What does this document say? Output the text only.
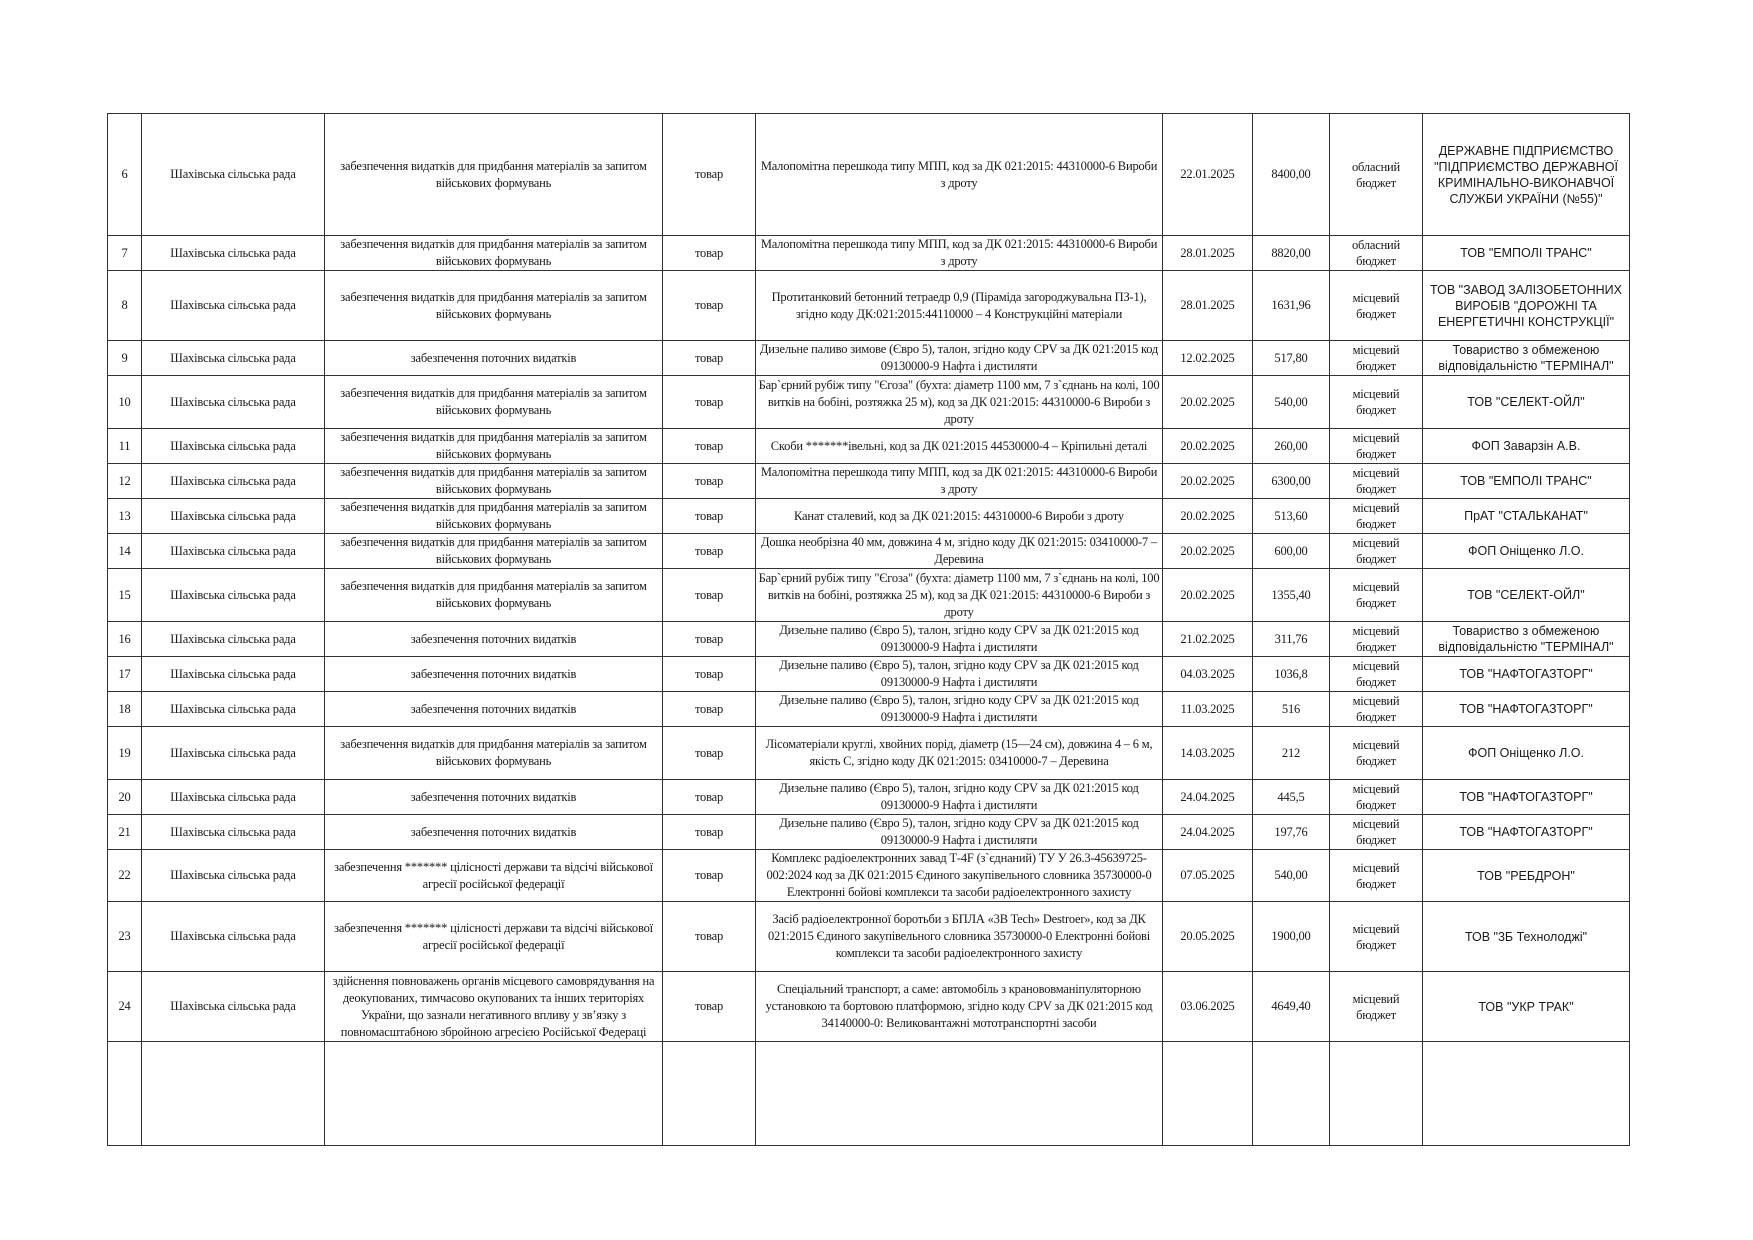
6	Шахівська сільська рада	забезпечення видатків для придбання матеріалів за запитом військових формувань	товар	Малопомітна перешкода типу МПП, код за ДК 021:2015: 44310000-6 Вироби з дроту	22.01.2025	8400,00	обласний бюджет	ДЕРЖАВНЕ ПІДПРИЄМСТВО "ПІДПРИЄМСТВО ДЕРЖАВНОЇ КРИМІНАЛЬНО-ВИКОНАВЧОЇ СЛУЖБИ УКРАЇНИ (№55)"
7	Шахівська сільська рада	забезпечення видатків для придбання матеріалів за запитом військових формувань	товар	Малопомітна перешкода типу МПП, код за ДК 021:2015: 44310000-6 Вироби з дроту	28.01.2025	8820,00	обласний бюджет	ТОВ "ЕМПОЛІ ТРАНС"
8	Шахівська сільська рада	забезпечення видатків для придбання матеріалів за запитом військових формувань	товар	Протитанковий бетонний тетраедр 0,9 (Піраміда загороджувальна ПЗ-1), згідно коду ДК:021:2015:44110000 – 4 Конструкційні матеріали	28.01.2025	1631,96	місцевий бюджет	ТОВ "ЗАВОД ЗАЛІЗОБЕТОННИХ ВИРОБІВ "ДОРОЖНІ ТА ЕНЕРГЕТИЧНІ КОНСТРУКЦІЇ"
9	Шахівська сільська рада	забезпечення поточних видатків	товар	Дизельне паливо зимове (Євро 5), талон, згідно коду CPV за ДК 021:2015 код 09130000-9 Нафта і дистиляти	12.02.2025	517,80	місцевий бюджет	Товариство з обмеженою відповідальністю "ТЕРМІНАЛ"
10	Шахівська сільська рада	забезпечення видатків для придбання матеріалів за запитом військових формувань	товар	Бар`єрний рубіж типу "Єгоза" (бухта: діаметр 1100 мм, 7 з`єднань на колі, 100 витків на бобіні, розтяжка 25 м), код за ДК 021:2015: 44310000-6 Вироби з дроту	20.02.2025	540,00	місцевий бюджет	ТОВ "СЕЛЕКТ-ОЙЛ"
11	Шахівська сільська рада	забезпечення видатків для придбання матеріалів за запитом військових формувань	товар	Скоби *******івельні, код за ДК 021:2015 44530000-4 – Кріпильні деталі	20.02.2025	260,00	місцевий бюджет	ФОП Заварзін А.В.
12	Шахівська сільська рада	забезпечення видатків для придбання матеріалів за запитом військових формувань	товар	Малопомітна перешкода типу МПП, код за ДК 021:2015: 44310000-6 Вироби з дроту	20.02.2025	6300,00	місцевий бюджет	ТОВ "ЕМПОЛІ ТРАНС"
13	Шахівська сільська рада	забезпечення видатків для придбання матеріалів за запитом військових формувань	товар	Канат сталевий, код за ДК 021:2015: 44310000-6 Вироби з дроту	20.02.2025	513,60	місцевий бюджет	ПрАТ "СТАЛЬКАНАТ"
14	Шахівська сільська рада	забезпечення видатків для придбання матеріалів за запитом військових формувань	товар	Дошка необрізна 40 мм, довжина 4 м, згідно коду ДК 021:2015: 03410000-7 – Деревина	20.02.2025	600,00	місцевий бюджет	ФОП Оніщенко Л.О.
15	Шахівська сільська рада	забезпечення видатків для придбання матеріалів за запитом військових формувань	товар	Бар`єрний рубіж типу "Єгоза" (бухта: діаметр 1100 мм, 7 з`єднань на колі, 100 витків на бобіні, розтяжка 25 м), код за ДК 021:2015: 44310000-6 Вироби з дроту	20.02.2025	1355,40	місцевий бюджет	ТОВ "СЕЛЕКТ-ОЙЛ"
16	Шахівська сільська рада	забезпечення поточних видатків	товар	Дизельне паливо (Євро 5), талон, згідно коду CPV за ДК 021:2015 код 09130000-9 Нафта і дистиляти	21.02.2025	311,76	місцевий бюджет	Товариство з обмеженою відповідальністю "ТЕРМІНАЛ"
17	Шахівська сільська рада	забезпечення поточних видатків	товар	Дизельне паливо (Євро 5), талон, згідно коду CPV за ДК 021:2015 код 09130000-9 Нафта і дистиляти	04.03.2025	1036,8	місцевий бюджет	ТОВ "НАФТОГАЗТОРГ"
18	Шахівська сільська рада	забезпечення поточних видатків	товар	Дизельне паливо (Євро 5), талон, згідно коду CPV за ДК 021:2015 код 09130000-9 Нафта і дистиляти	11.03.2025	516	місцевий бюджет	ТОВ "НАФТОГАЗТОРГ"
19	Шахівська сільська рада	забезпечення видатків для придбання матеріалів за запитом військових формувань	товар	Лісоматеріали круглі, хвойних порід, діаметр (15—24 см), довжина 4 – 6 м, якість С, згідно коду ДК 021:2015: 03410000-7 – Деревина	14.03.2025	212	місцевий бюджет	ФОП Оніщенко Л.О.
20	Шахівська сільська рада	забезпечення поточних видатків	товар	Дизельне паливо (Євро 5), талон, згідно коду CPV за ДК 021:2015 код 09130000-9 Нафта і дистиляти	24.04.2025	445,5	місцевий бюджет	ТОВ "НАФТОГАЗТОРГ"
21	Шахівська сільська рада	забезпечення поточних видатків	товар	Дизельне паливо (Євро 5), талон, згідно коду CPV за ДК 021:2015 код 09130000-9 Нафта і дистиляти	24.04.2025	197,76	місцевий бюджет	ТОВ "НАФТОГАЗТОРГ"
22	Шахівська сільська рада	забезпечення ******* цілісності держави та відсічі військової агресії російської федерації	товар	Комплекс радіоелектронних завад Т-4F (з`єднаний) ТУ У 26.3-45639725-002:2024 код за ДК 021:2015 Єдиного закупівельного словника 35730000-0 Електронні бойові комплекси та засоби радіоелектронного захисту	07.05.2025	540,00	місцевий бюджет	ТОВ "РЕБДРОН"
23	Шахівська сільська рада	забезпечення ******* цілісності держави та відсічі військової агресії російської федерації	товар	Засіб радіоелектронної боротьби з БПЛА «3B Tech» Destroer», код за ДК 021:2015 Єдиного закупівельного словника 35730000-0 Електронні бойові комплекси та засоби радіоелектронного захисту	20.05.2025	1900,00	місцевий бюджет	ТОВ "3Б Технолоджі"
24	Шахівська сільська рада	здійснення повноважень органів місцевого самоврядування на деокупованих, тимчасово окупованих та інших територіях України, що зазнали негативного впливу у зв’язку з повномасштабною збройною агресією Російської Федераці	товар	Спеціальний транспорт, а саме: автомобіль з кранововманіпуляторною установкою та бортовою платформою, згідно коду CPV за ДК 021:2015 код 34140000-0: Великовантажні мототранспортні засоби	03.06.2025	4649,40	місцевий бюджет	ТОВ "УКР ТРАК"
